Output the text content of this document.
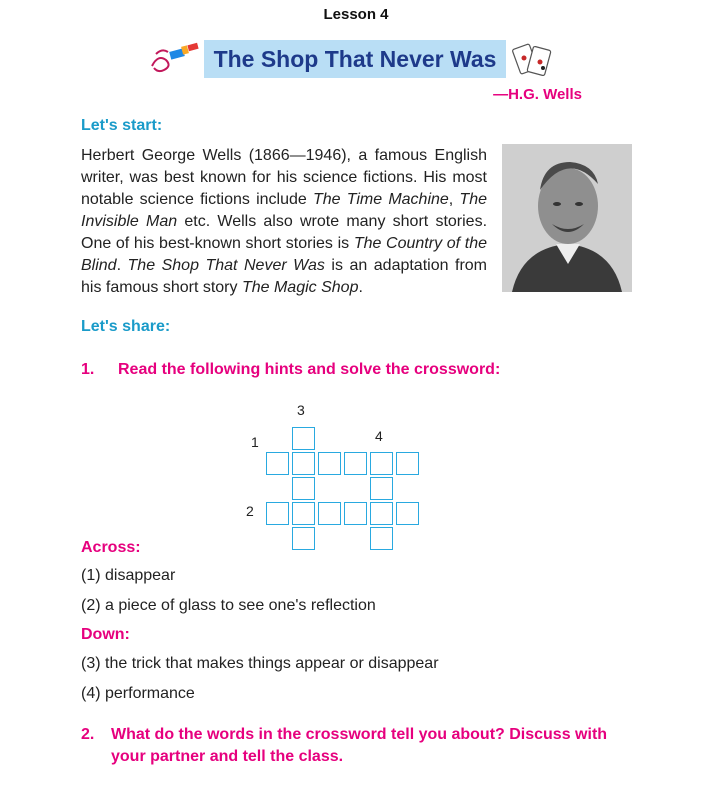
Lesson 4
The Shop That Never Was
—H.G. Wells
Let's start:
Herbert George Wells (1866—1946), a famous English writer, was best known for his science fictions. His most notable science fictions include The Time Machine, The Invisible Man etc. Wells also wrote many short stories. One of his best-known short stories is The Country of the Blind. The Shop That Never Was is an adaptation from his famous short story The Magic Shop.
Let's share:
1. Read the following hints and solve the crossword:
3
4
1
2
Across:
(1) disappear
(2) a piece of glass to see one's reflection
Down:
(3) the trick that makes things appear or disappear
(4) performance
2. What do the words in the crossword tell you about? Discuss with
your partner and tell the class.
